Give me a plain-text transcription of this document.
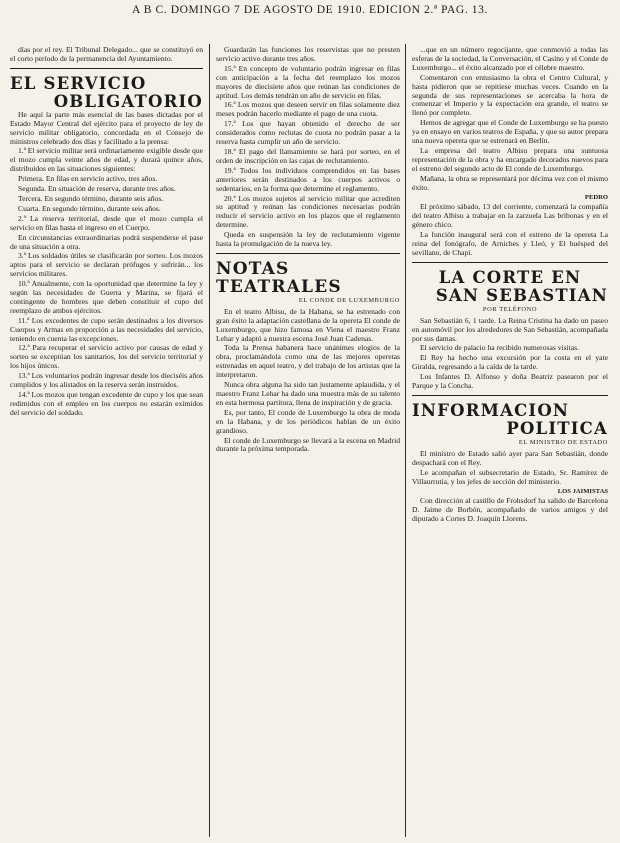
A B C. DOMINGO 7 DE AGOSTO DE 1910. EDICION 2.ª PAG. 13.

días por el rey. El Tribunal Delegado... que se constituyó en el corto período de la permanencia del Ayuntamiento.

EL SERVICIO
OBLIGATORIO

He aquí la parte más esencial de las bases dictadas por el Estado Mayor Central del ejército para el proyecto de ley de servicio militar obligatorio, concordada en el Consejo de ministros celebrado dos días y facilitado a la prensa:

1.ª El servicio militar será ordinariamente exigible desde que el mozo cumpla veinte años de edad, y durará quince años, distribuidos en las situaciones siguientes:

Primera. En filas en servicio activo, tres años.

Segunda. En situación de reserva, durante tres años.

Tercera. En segundo término, durante seis años.

Cuarta. En segundo término, durante seis años.

2.ª La reserva territorial, desde que el mozo cumpla el servicio en filas hasta el ingreso en el Cuerpo.

En circunstancias extraordinarias podrá suspenderse el pase de una situación a otra.

3.ª Los soldados útiles se clasificarán por sorteo. Los mozos aptos para el servicio se declaran prófugos y sufrirán... los servicios militares.

10.ª Anualmente, con la oportunidad que determine la ley y según las necesidades de Guerra y Marina, se fijará el contingente de hombres que deben constituir el cupo del reemplazo de ambos ejércitos.

11.ª Los excedentes de cupo serán destinados a los diversos Cuerpos y Armas en proporción a las necesidades del servicio, teniendo en cuenta las excepciones.

12.ª Para recuperar el servicio activo por causas de edad y sorteo se exceptúan los sanitarios, los del servicio territorial y los hijos únicos.

13.ª Los voluntarios podrán ingresar desde los dieciséis años cumplidos y los alistados en la reserva serán instruidos.

14.ª Los mozos que tengan excedente de cupo y los que sean redimidos con el empleo en los cuerpos no estarán eximidos del servicio del soldado.

Guardarán las funciones los reservistas que no presten servicio activo durante tres años.

15.ª En concepto de voluntario podrán ingresar en filas con anticipación a la fecha del reemplazo los mozos mayores de diecisiete años que reúnan las condiciones de aptitud. Los demás tendrán un año de servicio en filas.

16.ª Los mozos que deseen servir en filas solamente diez meses podrán hacerlo mediante el pago de una cuota.

17.ª Los que hayan obtenido el derecho de ser considerados como reclutas de cuota no podrán pasar a la reserva hasta cumplir un año de servicio.

18.ª El pago del llamamiento se hará por sorteo, en el orden de inscripción en las cajas de reclutamiento.

19.ª Todos los individuos comprendidos en las bases anteriores serán destinados a los cuerpos activos o sedentarios, en la forma que determine el reglamento.

20.ª Los mozos sujetos al servicio militar que acrediten su aptitud y reúnan las condiciones necesarias podrán reducir el servicio activo en los plazos que el reglamento determine.

Queda en suspensión la ley de reclutamiento vigente hasta la promulgación de la nueva ley.

NOTAS TEATRALES
EL CONDE DE LUXEMBURGO

En el teatro Albisu, de la Habana, se ha estrenado con gran éxito la adaptación castellana de la opereta El conde de Luxemburgo, que hizo famosa en Viena el maestro Franz Lehar y adaptó a nuestra escena José Juan Cadenas.

Toda la Prensa habanera hace unánimes elogios de la obra, proclamándola como una de las mejores operetas estrenadas en aquel teatro, y del trabajo de los artistas que la interpretaron.

Nunca obra alguna ha sido tan justamente aplaudida, y el maestro Franz Lehar ha dado una muestra más de su talento en esta hermosa partitura, llena de inspiración y de gracia.

Es, por tanto, El conde de Luxemburgo la obra de moda en la Habana, y de los periódicos hablan de un éxito grandioso.

El conde de Luxemburgo se llevará a la escena en Madrid durante la próxima temporada.

...que en un número regocijante, que conmovió a todas las esferas de la sociedad, la Conversación, el Casino y el Conde de Luxemburgo... el éxito alcanzado por el célebre maestro.

Comentaron con entusiasmo la obra el Centro Cultural, y hasta pidieron que se repitiese muchas veces. Cuando en la segunda de sus representaciones se acercaba la hora de comenzar el Imperio y la expectación era grande, el teatro se llenó por completo.

Hemos de agregar que el Conde de Luxemburgo se ha puesto ya en ensayo en varios teatros de España, y que su autor prepara una nueva opereta que se estrenará en Berlín.

La empresa del teatro Albisu prepara una suntuosa representación de la obra y ha encargado decorados nuevos para el estreno del segundo acto de El conde de Luxemburgo.

Mañana, la obra se representará por décima vez con el mismo éxito.

PEDRO

El próximo sábado, 13 del corriente, comenzará la compañía del teatro Albisu a trabajar en la zarzuela Las bribonas y en el género chico.

La función inaugural será con el estreno de la opereta La reina del fonógrafo, de Arniches y Lleó, y El huésped del sevillano, de Chapí.

LA CORTE EN
SAN SEBASTIAN
POR TELÉFONO

San Sebastián 6, 1 tarde. La Reina Cristina ha dado un paseo en automóvil por los alrededores de San Sebastián, acompañada por sus damas.

El servicio de palacio ha recibido numerosas visitas.

El Rey ha hecho una excursión por la costa en el yate Giralda, regresando a la caída de la tarde.

Los Infantes D. Alfonso y doña Beatriz pasearon por el Parque y la Concha.

INFORMACION
POLITICA
EL MINISTRO DE ESTADO

El ministro de Estado salió ayer para San Sebastián, donde despachará con el Rey.

Le acompañan el subsecretario de Estado, Sr. Ramírez de Villaurrutia, y los jefes de sección del ministerio.

LOS JAIMISTAS

Con dirección al castillo de Frohsdorf ha salido de Barcelona D. Jaime de Borbón, acompañado de varios amigos y del diputado a Cortes D. Joaquín Llorens.
